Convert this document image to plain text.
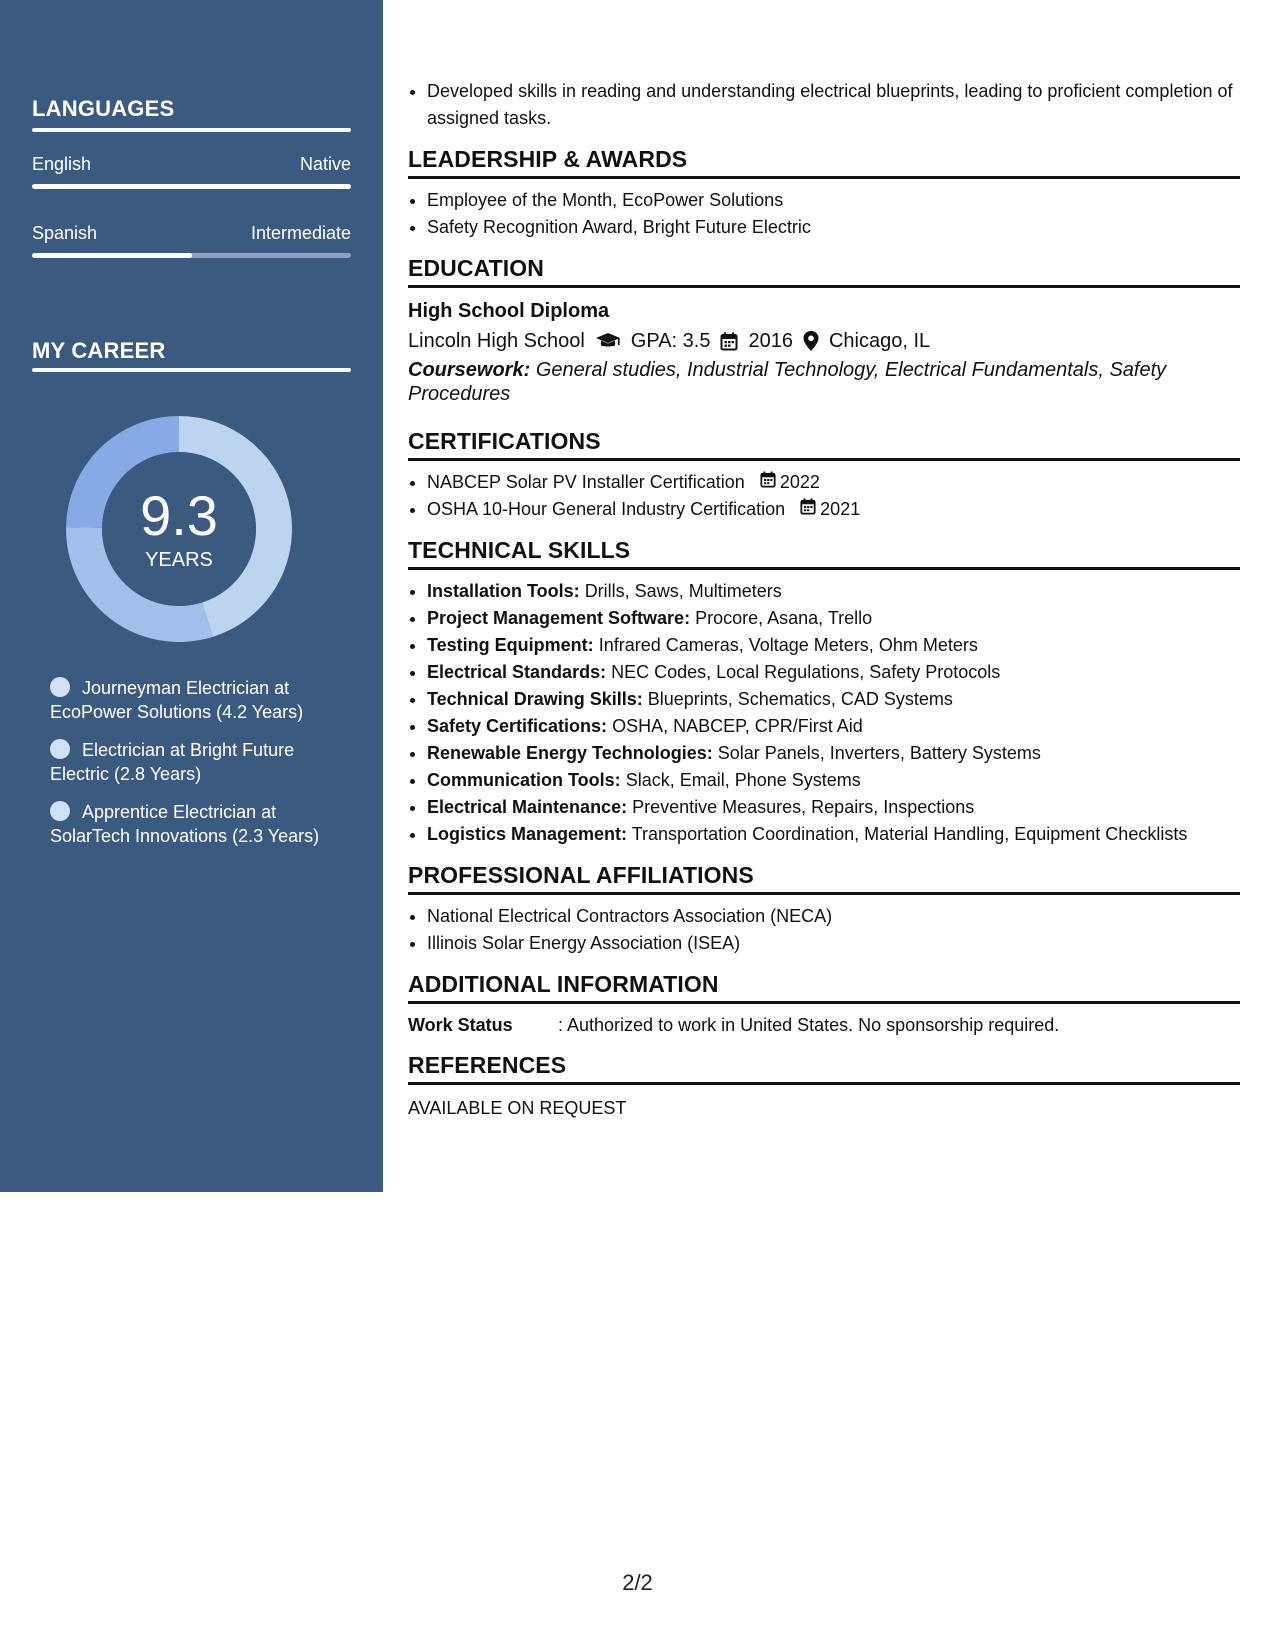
LANGUAGES
English	Native
Spanish	Intermediate
MY CAREER
9.3
YEARS
Journeyman Electrician at EcoPower Solutions (4.2 Years)
Electrician at Bright Future Electric (2.8 Years)
Apprentice Electrician at SolarTech Innovations (2.3 Years)
• Developed skills in reading and understanding electrical blueprints, leading to proficient completion of assigned tasks.
LEADERSHIP & AWARDS
• Employee of the Month, EcoPower Solutions
• Safety Recognition Award, Bright Future Electric
EDUCATION
High School Diploma
Lincoln High School GPA: 3.5 2016 Chicago, IL
Coursework: General studies, Industrial Technology, Electrical Fundamentals, Safety Procedures
CERTIFICATIONS
• NABCEP Solar PV Installer Certification 2022
• OSHA 10-Hour General Industry Certification 2021
TECHNICAL SKILLS
• Installation Tools: Drills, Saws, Multimeters
• Project Management Software: Procore, Asana, Trello
• Testing Equipment: Infrared Cameras, Voltage Meters, Ohm Meters
• Electrical Standards: NEC Codes, Local Regulations, Safety Protocols
• Technical Drawing Skills: Blueprints, Schematics, CAD Systems
• Safety Certifications: OSHA, NABCEP, CPR/First Aid
• Renewable Energy Technologies: Solar Panels, Inverters, Battery Systems
• Communication Tools: Slack, Email, Phone Systems
• Electrical Maintenance: Preventive Measures, Repairs, Inspections
• Logistics Management: Transportation Coordination, Material Handling, Equipment Checklists
PROFESSIONAL AFFILIATIONS
• National Electrical Contractors Association (NECA)
• Illinois Solar Energy Association (ISEA)
ADDITIONAL INFORMATION
Work Status	: Authorized to work in United States. No sponsorship required.
REFERENCES
AVAILABLE ON REQUEST
2/2
